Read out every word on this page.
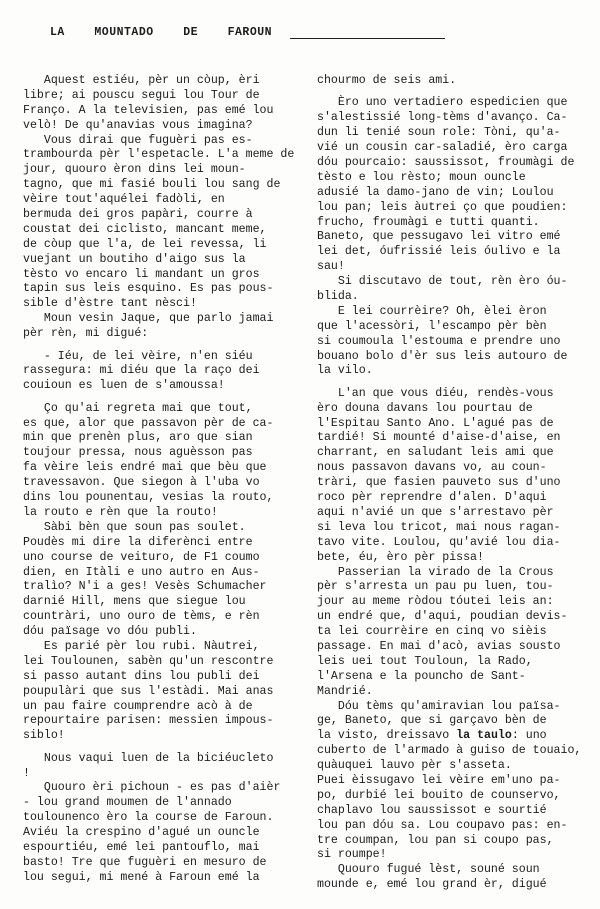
LA    MOUNTADO    DE    FAROUN
Aquest estiéu, pèr un còup, èri
libre; ai pouscu segui lou Tour de
Franço. A la televisien, pas emé lou
velò! De qu'anavias vous imagina?
Vous dirai que fuguèri pas es-
trambourda pèr l'espetacle. L'a meme de
jour, quouro èron dins lei moun-
tagno, que mi fasié bouli lou sang de
vèire tout'aquélei fadòli, en
bermuda dei gros papàri, courre à
coustat dei ciclisto, mancant meme,
de còup que l'a, de lei revessa, li
vuejant un boutiho d'aigo sus la
tèsto vo encaro li mandant un gros
tapin sus leis esquino. Es pas pous-
sible d'èstre tant nèsci!
Moun vesin Jaque, que parlo jamai
pèr rèn, mi digué:
- Iéu, de lei vèire, n'en siéu
rassegura: mi diéu que la raço dei
couioun es luen de s'amoussa!
Ço qu'ai regreta mai que tout,
es que, alor que passavon pèr de ca-
min que prenèn plus, aro que sian
toujour pressa, nous aguèsson pas
fa vèire leis endré mai que bèu que
travessavon. Que siegon à l'uba vo
dins lou pounentau, vesias la routo,
la routo e rèn que la routo!
Sàbi bèn que soun pas soulet.
Poudès mi dire la diferènci entre
uno course de veituro, de F1 coumo
dien, en Itàli e uno autro en Aus-
tralìo? N'i a ges! Vesès Schumacher
darnié Hill, mens que siegue lou
countràri, uno ouro de tèms, e rèn
dóu païsage vo dóu publi.
Es parié pèr lou rubi. Nàutrei,
lei Toulounen, sabèn qu'un rescontre
si passo autant dins lou publi dei
poupulàri que sus l'estàdi. Mai anas
un pau faire coumprendre acò à de
repourtaire parisen: messien impous-
siblo!
Nous vaqui luen de la biciéucleto
!
Quouro èri pichoun - es pas d'aièr
- lou grand moumen de l'annado
toulounenco èro la course de Faroun.
Aviéu la crespino d'agué un ouncle
espourtiéu, emé lei pantouflo, mai
basto! Tre que fuguèri en mesuro de
lou segui, mi mené à Faroun emé la
chourmo de seis ami.
Èro uno vertadiero espedicien que
s'alestissié long-tèms d'avanço. Ca-
dun li tenié soun role: Tòni, qu'a-
vié un cousin car-saladié, èro carga
dóu pourcaio: saussissot, froumàgi de
tèsto e lou rèsto; moun ouncle
adusié la damo-jano de vin; Loulou
lou pan; leis àutrei ço que poudien:
frucho, froumàgi e tutti quanti.
Baneto, que pessugavo lei vitro emé
lei det, óufrissié leis óulivo e la
sau!
Si discutavo de tout, rèn èro óu-
blida.
E lei courrèire? Oh, èlei èron
que l'acessòri, l'escampo pèr bèn
si coumoula l'estouma e prendre uno
bouano bolo d'èr sus leis autouro de
la vilo.
L'an que vous diéu, rendès-vous
èro douna davans lou pourtau de
l'Espitau Santo Ano. L'agué pas de
tardié! Si mounté d'aise-d'aise, en
charrant, en saludant leis ami que
nous passavon davans vo, au coun-
tràri, que fasien pauveto sus d'uno
roco pèr reprendre d'alen. D'aqui
aqui n'avié un que s'arrestavo pèr
si leva lou tricot, mai nous ragan-
tavo vite. Loulou, qu'avié lou dia-
bete, éu, èro pèr pissa!
Passerian la virado de la Crous
pèr s'arresta un pau pu luen, tou-
jour au meme ròdou tóutei leis an:
un endré que, d'aqui, poudian devis-
ta lei courrèire en cinq vo sièis
passage. En mai d'acò, avias sousto
leis uei tout Touloun, la Rado,
l'Arsena e la pouncho de Sant-
Mandrié.
Dóu tèms qu'amiravian lou païsa-
ge, Baneto, que si garçavo bèn de
la visto, dreissavo la taulo: uno
cuberto de l'armado à guiso de touaio,
quàuquei lauvo pèr s'asseta.
Puei èissugavo lei vèire em'uno pa-
po, durbié lei bouito de counservo,
chaplavo lou saussissot e sourtié
lou pan dóu sa. Lou coupavo pas: en-
tre coumpan, lou pan si coupo pas,
si roumpe!
Quouro fugué lèst, souné soun
mounde e, emé lou grand èr, digué
